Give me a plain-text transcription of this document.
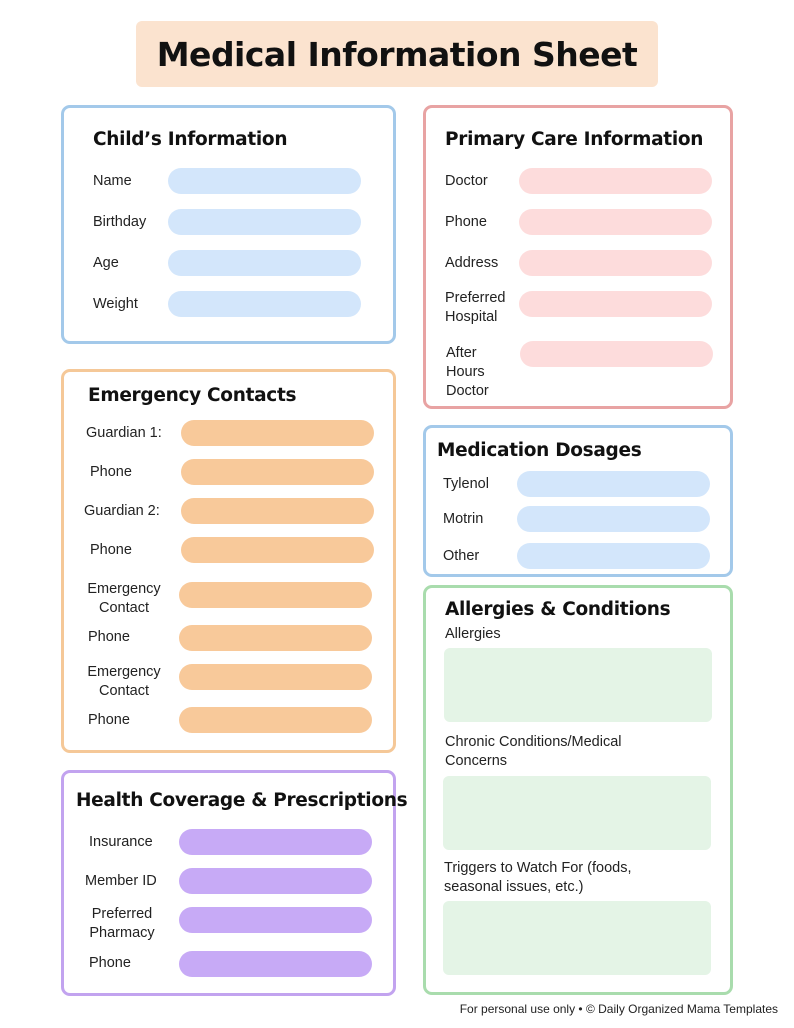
Medical Information Sheet
Child’s Information
Name
Birthday
Age
Weight
Primary Care Information
Doctor
Phone
Address
Preferred
Hospital
After
Hours
Doctor
Emergency Contacts
Guardian 1:
Phone
Guardian 2:
Phone
Emergency
Contact
Phone
Emergency
Contact
Phone
Medication Dosages
Tylenol
Motrin
Other
Allergies & Conditions
Allergies
Chronic Conditions/Medical
Concerns
Triggers to Watch For (foods,
seasonal issues, etc.)
Health Coverage & Prescriptions
Insurance
Member ID
Preferred
Pharmacy
Phone
For personal use only • © Daily Organized Mama Templates
